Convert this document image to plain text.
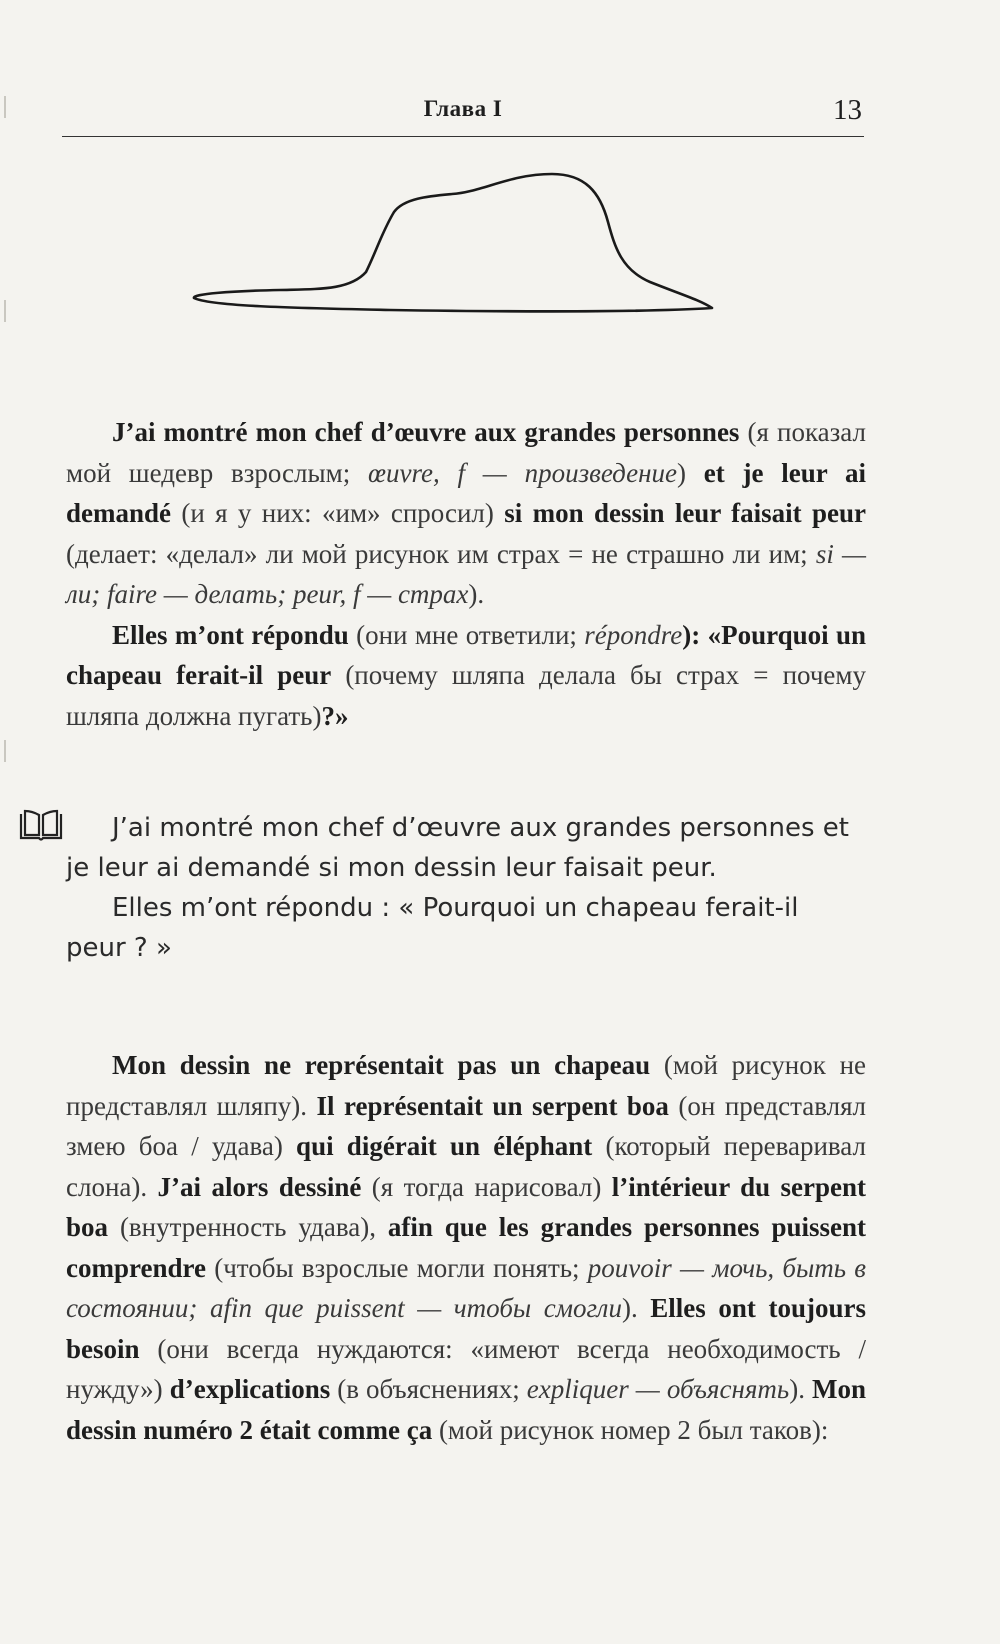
Глава I	13

J’ai montré mon chef d’œuvre aux grandes personnes (я показал мой шедевр взрослым; œuvre, f — произведение) et je leur ai demandé (и я у них: «им» спросил) si mon dessin leur faisait peur (делает: «делал» ли мой рисунок им страх = не страшно ли им; si — ли; faire — делать; peur, f — страх).

Elles m’ont répondu (они мне ответили; répondre): «Pourquoi un chapeau ferait-il peur (почему шляпа делала бы страх = почему шляпа должна пугать)?»

J’ai montré mon chef d’œuvre aux grandes personnes et je leur ai demandé si mon dessin leur faisait peur.

Elles m’ont répondu : « Pourquoi un chapeau ferait-il peur ? »

Mon dessin ne représentait pas un chapeau (мой рисунок не представлял шляпу). Il représentait un serpent boa (он представлял змею боа / удава) qui digérait un éléphant (который переваривал слона). J’ai alors dessiné (я тогда нарисовал) l’intérieur du serpent boa (внутренность удава), afin que les grandes personnes puissent comprendre (чтобы взрослые могли понять; pouvoir — мочь, быть в состоянии; afin que puissent — чтобы смогли). Elles ont toujours besoin (они всегда нуждаются: «имеют всегда необходимость / нужду») d’explications (в объяснениях; expliquer — объяснять). Mon dessin numéro 2 était comme ça (мой рисунок номер 2 был таков):
